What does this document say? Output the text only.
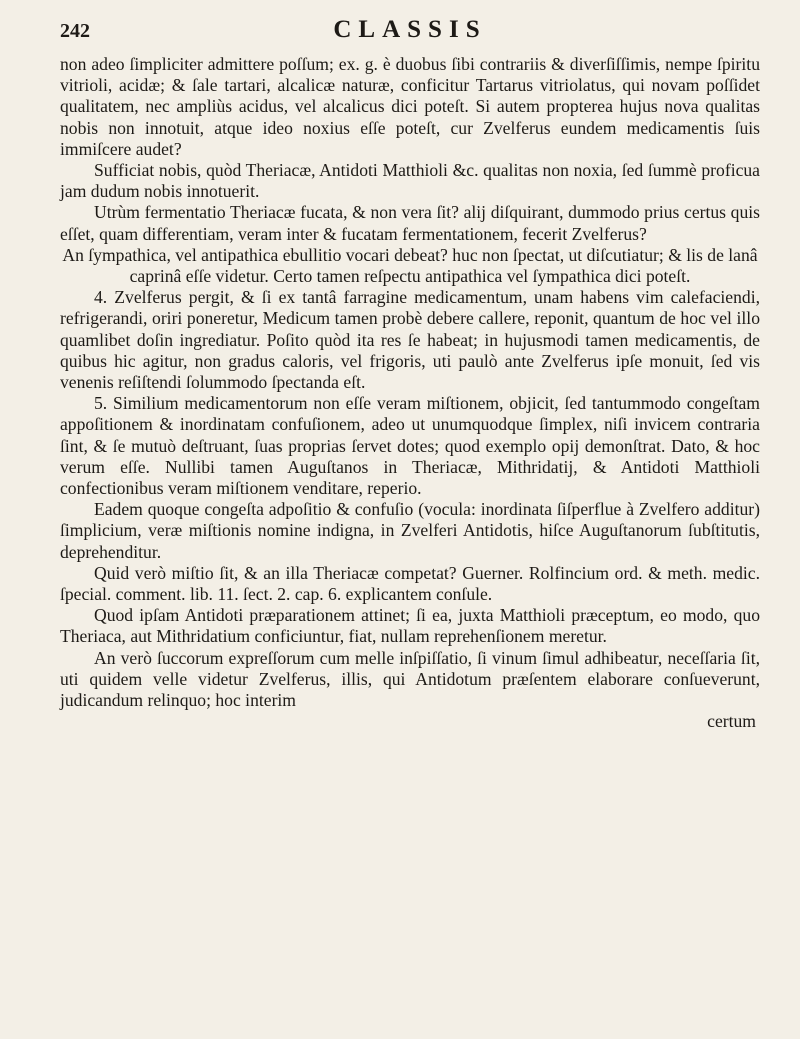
242	CLASSIS

non adeo ſimpliciter admittere poſſum; ex. g. è duobus ſibi contrariis & diverſiſſimis, nempe ſpiritu vitrioli, acidæ; & ſale tartari, alcalicæ naturæ, conficitur Tartarus vitriolatus, qui novam poſſidet qualitatem, nec ampliùs acidus, vel alcalicus dici poteſt. Si autem propterea hujus nova qualitas nobis non innotuit, atque ideo noxius eſſe poteſt, cur Zvelferus eundem medicamentis ſuis immiſcere audet?

Sufficiat nobis, quòd Theriacæ, Antidoti Matthioli &c. qualitas non noxia, ſed ſummè proficua jam dudum nobis innotuerit.

Utrùm fermentatio Theriacæ fucata, & non vera ſit? alij diſquirant, dummodo prius certus quis eſſet, quam differentiam, veram inter & fucatam fermentationem, fecerit Zvelferus?

An ſympathica, vel antipathica ebullitio vocari debeat? huc non ſpectat, ut diſcutiatur; & lis de lanâ caprinâ eſſe videtur. Certo tamen reſpectu antipathica vel ſympathica dici poteſt.

4. Zvelferus pergit, & ſi ex tantâ farragine medicamentum, unam habens vim calefaciendi, refrigerandi, oriri poneretur, Medicum tamen probè debere callere, reponit, quantum de hoc vel illo quamlibet doſin ingrediatur. Poſito quòd ita res ſe habeat; in hujusmodi tamen medicamentis, de quibus hic agitur, non gradus caloris, vel frigoris, uti paulò ante Zvelferus ipſe monuit, ſed vis venenis reſiſtendi ſolummodo ſpectanda eſt.

5. Similium medicamentorum non eſſe veram miſtionem, objicit, ſed tantummodo congeſtam appoſitionem & inordinatam confuſionem, adeo ut unumquodque ſimplex, niſi invicem contraria ſint, & ſe mutuò deſtruant, ſuas proprias ſervet dotes; quod exemplo opij demonſtrat. Dato, & hoc verum eſſe. Nullibi tamen Auguſtanos in Theriacæ, Mithridatij, & Antidoti Matthioli confectionibus veram miſtionem venditare, reperio.

Eadem quoque congeſta adpoſitio & confuſio (vocula: inordinata ſiſperflue à Zvelfero additur) ſimplicium, veræ miſtionis nomine indigna, in Zvelferi Antidotis, hiſce Auguſtanorum ſubſtitutis, deprehenditur.

Quid verò miſtio ſit, & an illa Theriacæ competat? Guerner. Rolfincium ord. & meth. medic. ſpecial. comment. lib. 11. ſect. 2. cap. 6. explicantem conſule.

Quod ipſam Antidoti præparationem attinet; ſi ea, juxta Matthioli præceptum, eo modo, quo Theriaca, aut Mithridatium conficiuntur, fiat, nullam reprehenſionem meretur.

An verò ſuccorum expreſſorum cum melle inſpiſſatio, ſi vinum ſimul adhibeatur, neceſſaria ſit, uti quidem velle videtur Zvelferus, illis, qui Antidotum præſentem elaborare conſueverunt, judicandum relinquo; hoc interim

certum
